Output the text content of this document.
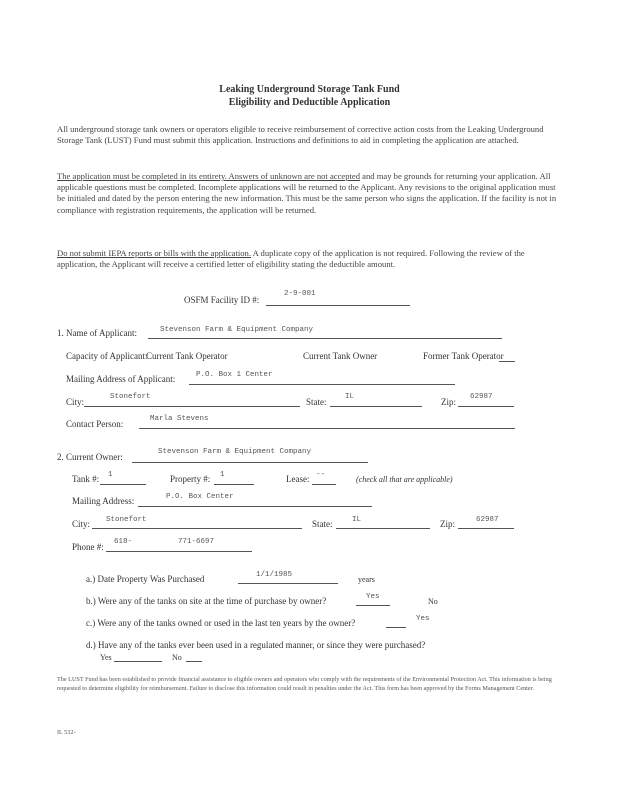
Leaking Underground Storage Tank Fund
Eligibility and Deductible Application
All underground storage tank owners or operators eligible to receive reimbursement of corrective action costs from the Leaking Underground Storage Tank (LUST) Fund must submit this application. Instructions and definitions to aid in completing the application are attached.
The application must be completed in its entirety. Answers of unknown are not accepted and may be grounds for returning your application. All applicable questions must be completed. Incomplete applications will be returned to the Applicant. Any revisions to the original application must be initialed and dated by the person entering the new information. This must be the same person who signs the application. If the facility is not in compliance with registration requirements, the application will be returned.
Do not submit IEPA reports or bills with the application. A duplicate copy of the application is not required. Following the review of the application, the Applicant will receive a certified letter of eligibility stating the deductible amount.
OSFM Facility ID #:
2-9-001
1. Name of Applicant:	Stevenson Farm & Equipment Company
Capacity of Applicant:
Current Tank Operator	Current Tank Owner	Former Tank Operator
Mailing Address of Applicant:	P.O. Box 1 Center
City:	Stonefort	State: IL	Zip: 62987
Contact Person:	Marla Stevens
2. Current Owner:	Stevenson Farm & Equipment Company
Tank #: 1	Property #: 1	Lease: --	(check all that are applicable)
Mailing Address:	P.O. Box Center
City: Stonefort	State:	IL	Zip:	62987
Phone #: 618-	771-6697
a.) Date Property Was Purchased	1/1/1985	years
b.) Were any of the tanks on site at the time of purchase by owner?	Yes	No
c.) Were any of the tanks owned or used in the last ten years by the owner?	Yes
d.) Have any of the tanks ever been used in a regulated manner, or since they were purchased?
Yes	No
The LUST Fund has been established to provide financial assistance to eligible owners and operators who comply with the requirements of the Environmental Protection Act. This information is being requested to determine eligibility for reimbursement. Failure to disclose this information could result in penalties under the Act. This form has been approved by the Forms Management Center.
IL 532-
